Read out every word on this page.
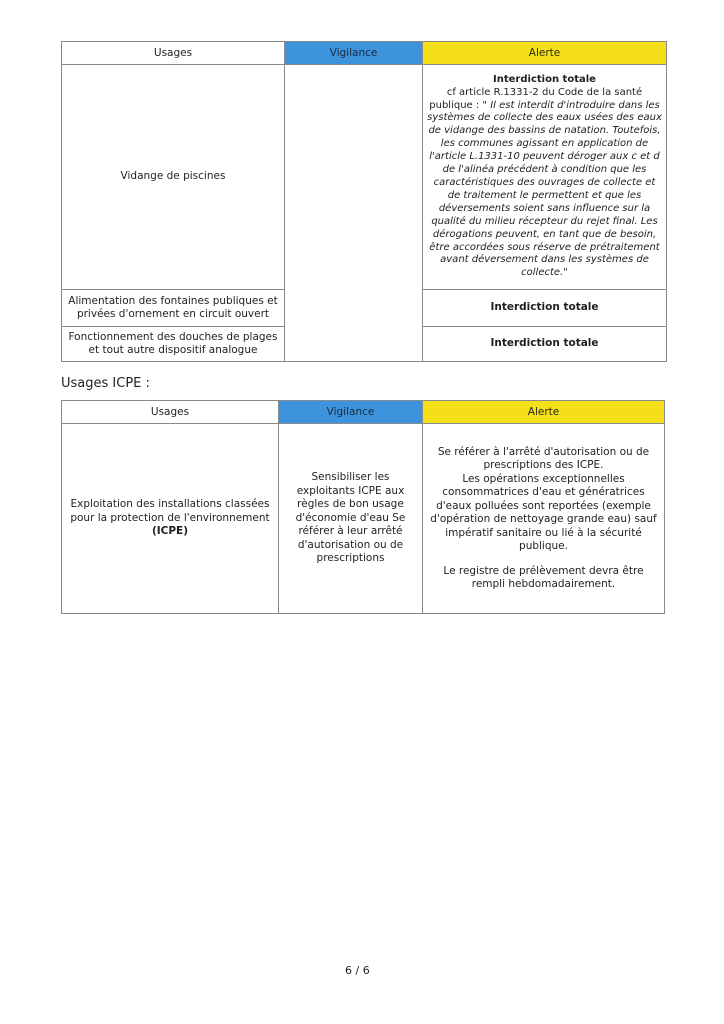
Usages	Vigilance	Alerte
Vidange de piscines		Interdiction totale
cf article R.1331-2 du Code de la santé publique : " Il est interdit d'introduire dans les systèmes de collecte des eaux usées des eaux de vidange des bassins de natation. Toutefois, les communes agissant en application de l'article L.1331-10 peuvent déroger aux c et d de l'alinéa précédent à condition que les caractéristiques des ouvrages de collecte et de traitement le permettent et que les déversements soient sans influence sur la qualité du milieu récepteur du rejet final. Les dérogations peuvent, en tant que de besoin, être accordées sous réserve de prétraitement avant déversement dans les systèmes de collecte."
Alimentation des fontaines publiques et privées d'ornement en circuit ouvert		Interdiction totale
Fonctionnement des douches de plages et tout autre dispositif analogue		Interdiction totale
Usages ICPE :
Usages	Vigilance	Alerte
Exploitation des installations classées pour la protection de l'environnement (ICPE)	Sensibiliser les exploitants ICPE aux règles de bon usage d'économie d'eau Se référer à leur arrêté d'autorisation ou de prescriptions	Se référer à l'arrêté d'autorisation ou de prescriptions des ICPE.
Les opérations exceptionnelles consommatrices d'eau et génératrices d'eaux polluées sont reportées (exemple d'opération de nettoyage grande eau) sauf impératif sanitaire ou lié à la sécurité publique.
Le registre de prélèvement devra être rempli hebdomadairement.
6 / 6
